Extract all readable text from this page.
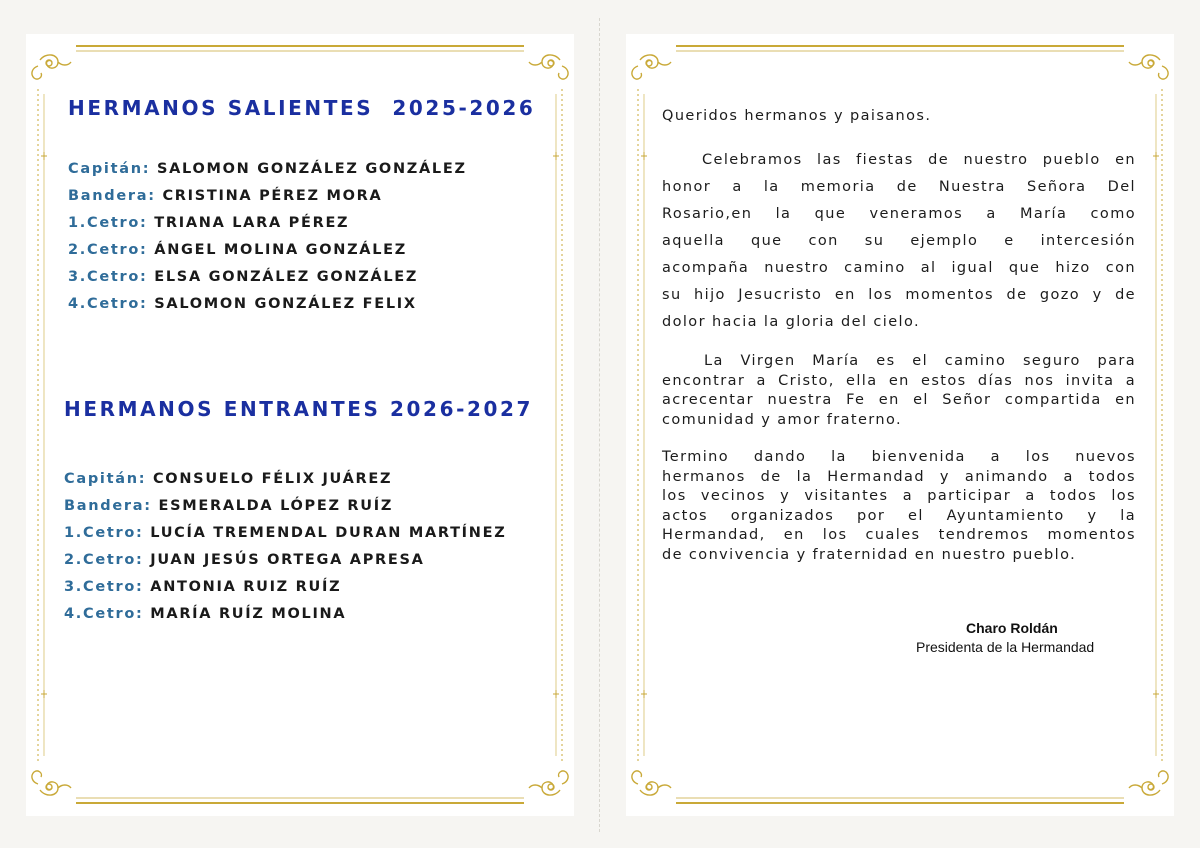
HERMANOS SALIENTES  2025-2026
Capitán: SALOMON GONZÁLEZ GONZÁLEZ
Bandera: CRISTINA PÉREZ MORA
1.Cetro: TRIANA LARA PÉREZ
2.Cetro: ÁNGEL MOLINA GONZÁLEZ
3.Cetro: ELSA GONZÁLEZ GONZÁLEZ
4.Cetro: SALOMON GONZÁLEZ FELIX
HERMANOS ENTRANTES 2026-2027
Capitán: CONSUELO FÉLIX JUÁREZ
Bandera: ESMERALDA LÓPEZ RUÍZ
1.Cetro: LUCÍA TREMENDAL DURAN MARTÍNEZ
2.Cetro: JUAN JESÚS ORTEGA APRESA
3.Cetro: ANTONIA RUIZ RUÍZ
4.Cetro: MARÍA RUÍZ MOLINA

Queridos hermanos y paisanos.

Celebramos las fiestas de nuestro pueblo en
honor a la memoria de Nuestra Señora Del
Rosario,en la que veneramos a María como
aquella que con su ejemplo e intercesión
acompaña nuestro camino al igual que hizo con
su hijo Jesucristo en los momentos de gozo y de
dolor hacia la gloria del cielo.
La Virgen María es el camino seguro para
encontrar a Cristo, ella en estos días nos invita a
acrecentar nuestra Fe en el Señor compartida en
comunidad y amor fraterno.
Termino dando la bienvenida a los nuevos
hermanos de la Hermandad y animando a todos
los vecinos y visitantes a participar a todos los
actos organizados por el Ayuntamiento y la
Hermandad, en los cuales tendremos momentos
de convivencia y fraternidad en nuestro pueblo.
Charo Roldán
Presidenta de la Hermandad
